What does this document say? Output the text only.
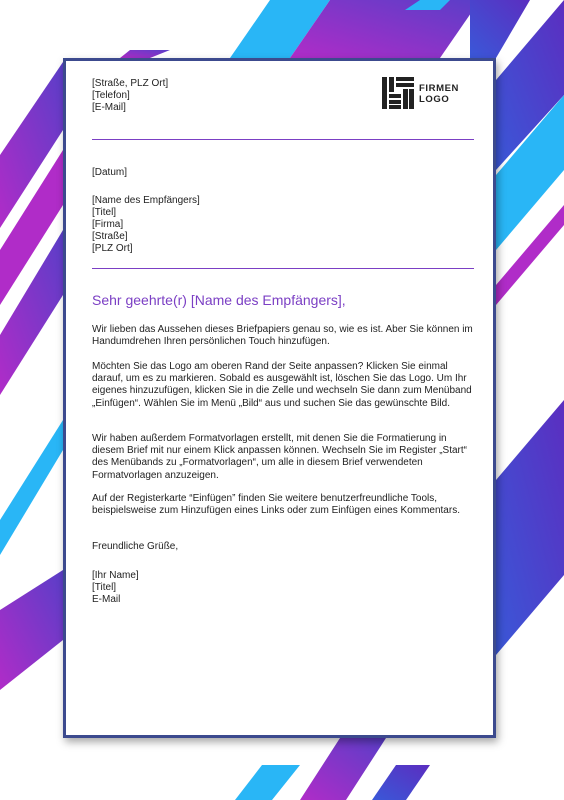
[Straße, PLZ Ort]
[Telefon]
[E-Mail]
FIRMEN
LOGO
[Datum]
[Name des Empfängers]
[Titel]
[Firma]
[Straße]
[PLZ Ort]
Sehr geehrte(r) [Name des Empfängers],
Wir lieben das Aussehen dieses Briefpapiers genau so, wie es ist. Aber Sie können im Handumdrehen Ihren persönlichen Touch hinzufügen.
Möchten Sie das Logo am oberen Rand der Seite anpassen? Klicken Sie einmal darauf, um es zu markieren. Sobald es ausgewählt ist, löschen Sie das Logo. Um Ihr eigenes hinzuzufügen, klicken Sie in die Zelle und wechseln Sie dann zum Menüband „Einfügen“. Wählen Sie im Menü „Bild“ aus und suchen Sie das gewünschte Bild.
Wir haben außerdem Formatvorlagen erstellt, mit denen Sie die Formatierung in diesem Brief mit nur einem Klick anpassen können. Wechseln Sie im Register „Start“ des Menübands zu „Formatvorlagen“, um alle in diesem Brief verwendeten Formatvorlagen anzuzeigen.
Auf der Registerkarte “Einfügen” finden Sie weitere benutzerfreundliche Tools, beispielsweise zum Hinzufügen eines Links oder zum Einfügen eines Kommentars.
Freundliche Grüße,
[Ihr Name]
[Titel]
E-Mail
